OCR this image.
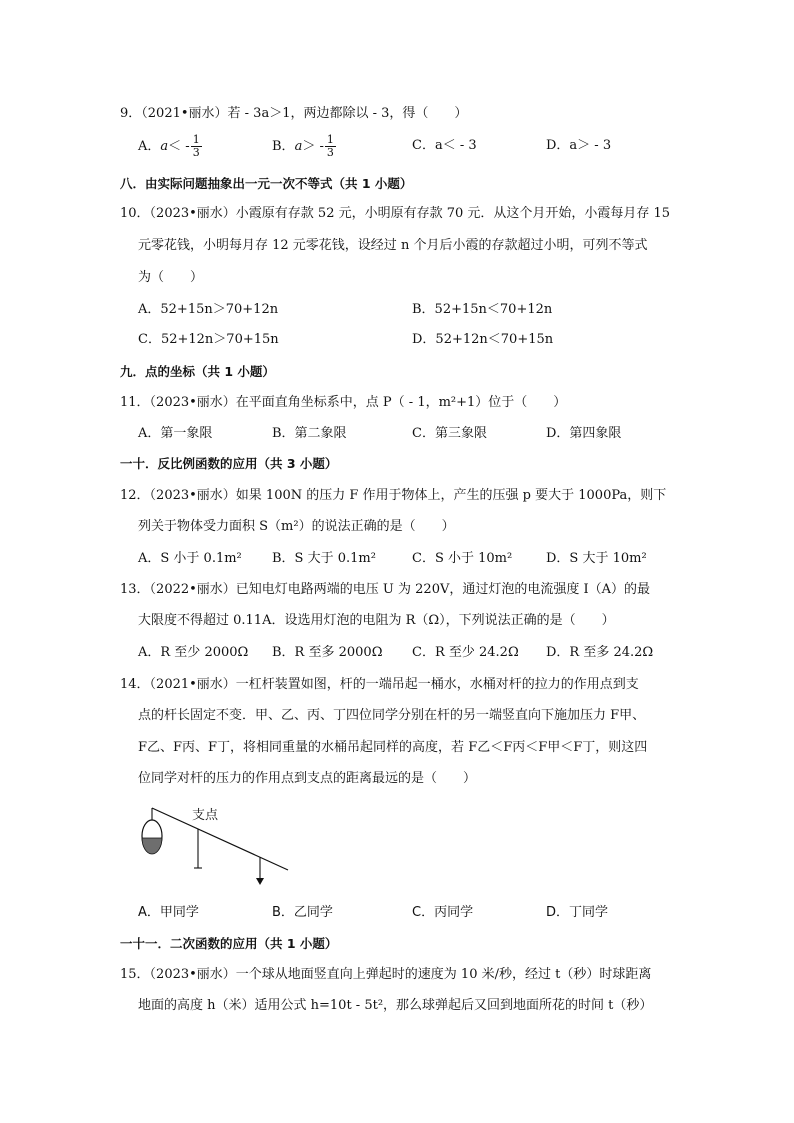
9．（2021•丽水）若 - 3a＞1，两边都除以 - 3，得（　　）
A．$a< - \frac{1}{3}$	B．$a> - \frac{1}{3}$	C．a＜ - 3	D．a＞ - 3
八．由实际问题抽象出一元一次不等式（共 1 小题）
10．（2023•丽水）小霞原有存款 52 元，小明原有存款 70 元．从这个月开始，小霞每月存 15
元零花钱，小明每月存 12 元零花钱，设经过 n 个月后小霞的存款超过小明，可列不等式
为（　　）
A．52+15n＞70+12n	B．52+15n＜70+12n
C．52+12n＞70+15n	D．52+12n＜70+15n
九．点的坐标（共 1 小题）
11．（2023•丽水）在平面直角坐标系中，点 P（ - 1，m²+1）位于（　　）
A．第一象限	B．第二象限	C．第三象限	D．第四象限
一十．反比例函数的应用（共 3 小题）
12．（2023•丽水）如果 100N 的压力 F 作用于物体上，产生的压强 p 要大于 1000Pa，则下
列关于物体受力面积 S（m²）的说法正确的是（　　）
A．S 小于 0.1m² B．S 大于 0.1m²	C．S 小于 10m²	D．S 大于 10m²
13．（2022•丽水）已知电灯电路两端的电压 U 为 220V，通过灯泡的电流强度 I（A）的最
大限度不得超过 0.11A．设选用灯泡的电阻为 R（Ω），下列说法正确的是（　　）
A．R 至少 2000Ω B．R 至多 2000Ω C．R 至少 24.2Ω D．R 至多 24.2Ω
14．（2021•丽水）一杠杆装置如图，杆的一端吊起一桶水，水桶对杆的拉力的作用点到支
点的杆长固定不变．甲、乙、丙、丁四位同学分别在杆的另一端竖直向下施加压力 F甲、
F乙、F丙、F丁，将相同重量的水桶吊起同样的高度，若 F乙＜F丙＜F甲＜F丁，则这四
位同学对杆的压力的作用点到支点的距离最远的是（　　）
支点
A．甲同学	B．乙同学	C．丙同学	D．丁同学
一十一．二次函数的应用（共 1 小题）
15．（2023•丽水）一个球从地面竖直向上弹起时的速度为 10 米/秒，经过 t（秒）时球距离
地面的高度 h（米）适用公式 h=10t - 5t²，那么球弹起后又回到地面所花的时间 t（秒）
